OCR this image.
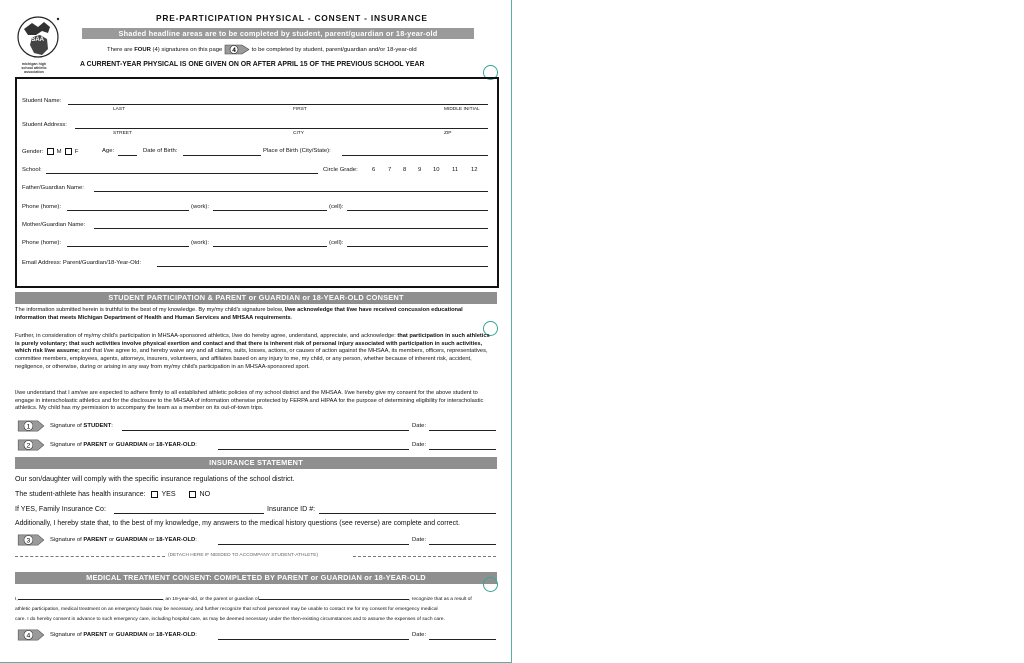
MHSAA
michigan high school athletic association
PRE-PARTICIPATION PHYSICAL - CONSENT - INSURANCE
Shaded headline areas are to be completed by student, parent/guardian or 18-year-old
There are FOUR (4) signatures on this page 4	to be completed by student, parent/guardian and/or 18-year-old
A CURRENT-YEAR PHYSICAL IS ONE GIVEN ON OR AFTER APRIL 15 OF THE PREVIOUS SCHOOL YEAR
Student Name:
LAST	FIRST	MIDDLE INITIAL
Student Address:
STREET	CITY	ZIP
Gender: M F	Age:	Date of Birth:	Place of Birth (City/State):
School:	Circle Grade: 6 7 8 9 10 11 12
Father/Guardian Name:
Phone (home):	(work):	(cell):
Mother/Guardian Name:
Phone (home):	(work):	(cell):
Email Address: Parent/Guardian/18-Year-Old:
STUDENT PARTICIPATION & PARENT or GUARDIAN or 18-YEAR-OLD CONSENT
The information submitted herein is truthful to the best of my knowledge. By my/my child's signature below, I/we acknowledge that I/we have received concussion educational information that meets Michigan Department of Health and Human Services and MHSAA requirements.
Further, in consideration of my/my child's participation in MHSAA-sponsored athletics, I/we do hereby agree, understand, appreciate, and acknowledge: that participation in such athletics is purely voluntary; that such activities involve physical exertion and contact and that there is inherent risk of personal injury associated with participation in such activities, which risk I/we assume; and that I/we agree to, and hereby waive any and all claims, suits, losses, actions, or causes of action against the MHSAA, its members, officers, representatives, committee members, employees, agents, attorneys, insurers, volunteers, and affiliates based on any injury to me, my child, or any person, whether because of inherent risk, accident, negligence, or otherwise, during or arising in any way from my/my child's participation in an MHSAA-sponsored sport.
I/we understand that I am/we are expected to adhere firmly to all established athletic policies of my school district and the MHSAA. I/we hereby give my consent for the above student to engage in interscholastic athletics and for the disclosure to the MHSAA of information otherwise protected by FERPA and HIPAA for the purpose of determining eligibility for interscholastic athletics. My child has my permission to accompany the team as a member on its out-of-town trips.
1	Signature of STUDENT:	Date:
2	Signature of PARENT or GUARDIAN or 18-YEAR-OLD:	Date:
INSURANCE STATEMENT
Our son/daughter will comply with the specific insurance regulations of the school district.
The student-athlete has health insurance: YES	NO
If YES, Family Insurance Co:	Insurance ID #:
Additionally, I hereby state that, to the best of my knowledge, my answers to the medical history questions (see reverse) are complete and correct.
3	Signature of PARENT or GUARDIAN or 18-YEAR-OLD:	Date:
(DETACH HERE IF NEEDED TO ACCOMPANY STUDENT-ATHLETE)
MEDICAL TREATMENT CONSENT: COMPLETED BY PARENT or GUARDIAN or 18-YEAR-OLD
I,	, an 18-year-old, or the parent or guardian of	, recognize that as a result of
athletic participation, medical treatment on an emergency basis may be necessary, and further recognize that school personnel may be unable to contact me for my consent for emergency medical
care. I do hereby consent in advance to such emergency care, including hospital care, as may be deemed necessary under the then-existing circumstances and to assume the expenses of such care.
4	Signature of PARENT or GUARDIAN or 18-YEAR-OLD:	Date:
